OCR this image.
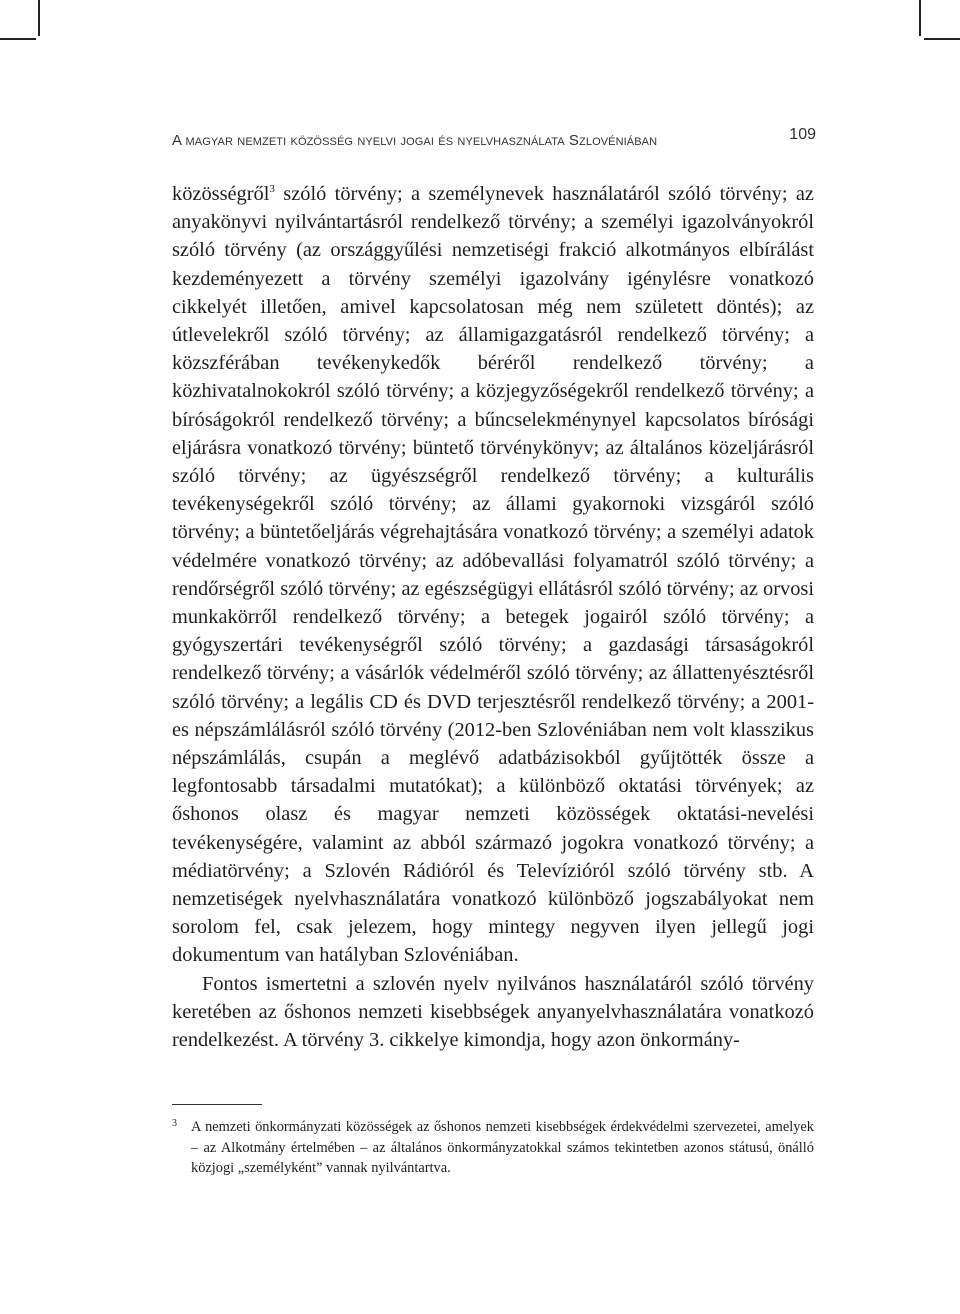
A magyar nemzeti közösség nyelvi jogai és nyelvhasználata Szlovéniában	109

közösségről$^3$ szóló törvény; a személynevek használatáról szóló törvény; az anyakönyvi nyilvántartásról rendelkező törvény; a személyi igazolványokról szóló törvény (az országgyűlési nemzetiségi frakció alkotmányos elbírálást kezdeményezett a törvény személyi igazolvány igénylésre vonatkozó cikkelyét illetően, amivel kapcsolatosan még nem született döntés); az útlevelekről szóló törvény; az államigazgatásról rendelkező törvény; a közszférában tevékenykedők béréről rendelkező törvény; a közhivatalnokokról szóló törvény; a közjegyzőségekről rendelkező törvény; a bíróságokról rendelkező törvény; a bűncselekménynyel kapcsolatos bírósági eljárásra vonatkozó törvény; büntető törvénykönyv; az általános közeljárásról szóló törvény; az ügyészségről rendelkező törvény; a kulturális tevékenységekről szóló törvény; az állami gyakornoki vizsgáról szóló törvény; a büntetőeljárás végrehajtására vonatkozó törvény; a személyi adatok védelmére vonatkozó törvény; az adóbevallási folyamatról szóló törvény; a rendőrségről szóló törvény; az egészségügyi ellátásról szóló törvény; az orvosi munkakörről rendelkező törvény; a betegek jogairól szóló törvény; a gyógyszertári tevékenységről szóló törvény; a gazdasági társaságokról rendelkező törvény; a vásárlók védelméről szóló törvény; az állattenyésztésről szóló törvény; a legális CD és DVD terjesztésről rendelkező törvény; a 2001-es népszámlálásról szóló törvény (2012-ben Szlovéniában nem volt klasszikus népszámlálás, csupán a meglévő adatbázisokból gyűjtötték össze a legfontosabb társadalmi mutatókat); a különböző oktatási törvények; az őshonos olasz és magyar nemzeti közösségek oktatási-nevelési tevékenységére, valamint az abból származó jogokra vonatkozó törvény; a médiatörvény; a Szlovén Rádióról és Televízióról szóló törvény stb. A nemzetiségek nyelvhasználatára vonatkozó különböző jogszabályokat nem sorolom fel, csak jelezem, hogy mintegy negyven ilyen jellegű jogi dokumentum van hatályban Szlovéniában.

Fontos ismertetni a szlovén nyelv nyilvános használatáról szóló törvény keretében az őshonos nemzeti kisebbségek anyanyelvhasználatára vonatkozó rendelkezést. A törvény 3. cikkelye kimondja, hogy azon önkormány-

3 A nemzeti önkormányzati közösségek az őshonos nemzeti kisebbségek érdekvédelmi szervezetei, amelyek – az Alkotmány értelmében – az általános önkormányzatokkal számos tekintetben azonos státusú, önálló közjogi „személyként” vannak nyilvántartva.
